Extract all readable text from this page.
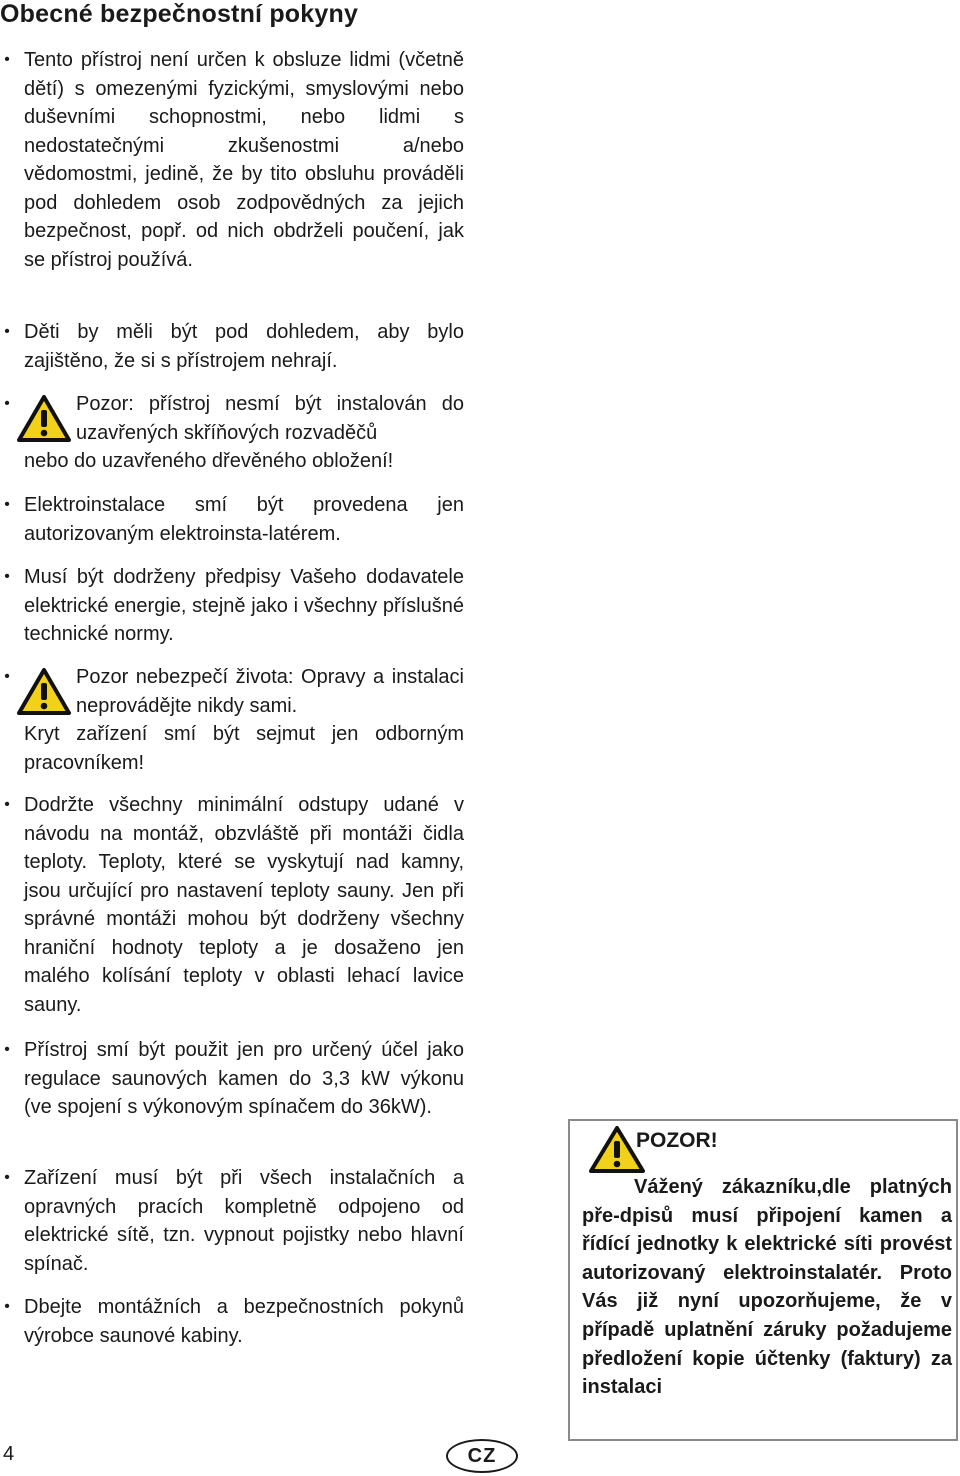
Obecné bezpečnostní pokyny
• Tento přístroj není určen k obsluze lidmi (včetně dětí) s omezenými fyzickými, smyslovými nebo duševními schopnostmi, nebo lidmi s nedostatečnými zkušenostmi a/nebo vědomostmi, jedině, že by tito obsluhu prováděli pod dohledem osob zodpovědných za jejich bezpečnost, popř. od nich obdrželi poučení, jak se přístroj používá.
• Děti by měli být pod dohledem, aby bylo zajištěno, že si s přístrojem nehrají.
•	Pozor: přístroj nesmí být instalován do uzavřených skříňových rozvaděčů
nebo do uzavřeného dřevěného obložení!
• Elektroinstalace smí být provedena jen autorizovaným elektroinsta-latérem.
• Musí být dodrženy předpisy Vašeho dodavatele elektrické energie, stejně jako i všechny příslušné technické normy.
•	Pozor nebezpečí života: Opravy a instalaci neprovádějte nikdy sami.
Kryt zařízení smí být sejmut jen odborným pracovníkem!
• Dodržte všechny minimální odstupy udané v návodu na montáž, obzvláště při montáži čidla teploty. Teploty, které se vyskytují nad kamny, jsou určující pro nastavení teploty sauny. Jen při správné montáži mohou být dodrženy všechny hraniční hodnoty teploty a je dosaženo jen malého kolísání teploty v oblasti lehací lavice sauny.
• Přístroj smí být použit jen pro určený účel jako regulace saunových kamen do 3,3 kW výkonu (ve spojení s výkonovým spínačem do 36kW).
• Zařízení musí být při všech instalačních a opravných pracích kompletně odpojeno od elektrické sítě, tzn. vypnout pojistky nebo hlavní spínač.
• Dbejte montážních a bezpečnostních pokynů výrobce saunové kabiny.
POZOR!
Vážený zákazníku,dle platných pře-dpisů musí připojení kamen a řídící jednotky k elektrické síti provést autorizovaný elektroinstalatér. Proto Vás již nyní upozorňujeme, že v případě uplatnění záruky požadujeme předložení kopie účtenky (faktury) za instalaci
4	CZ
